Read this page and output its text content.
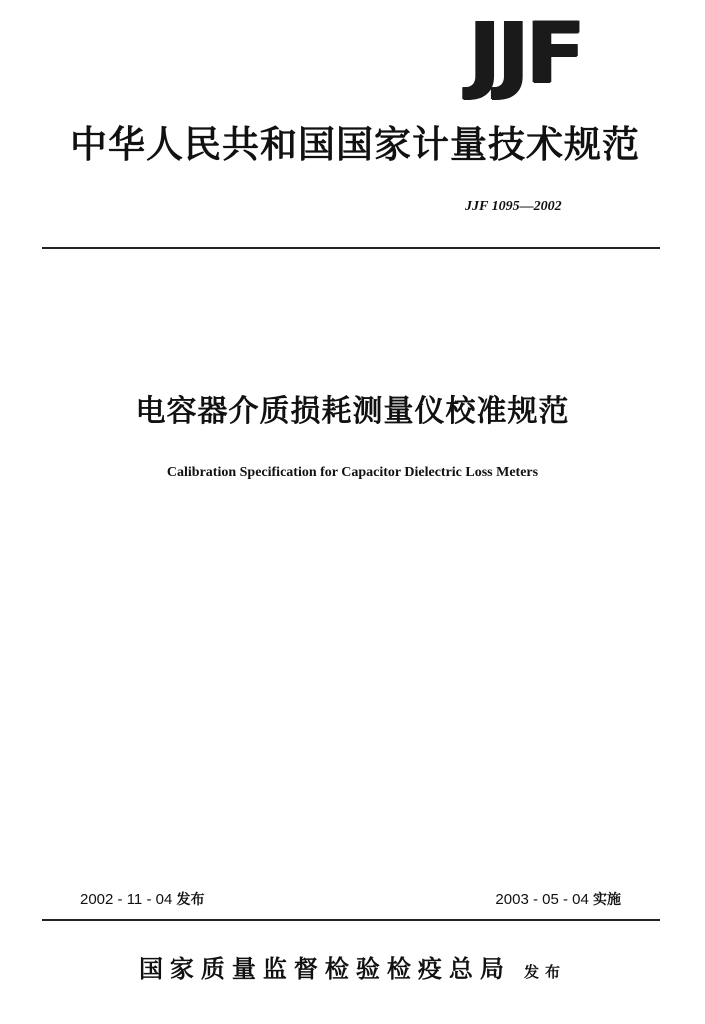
JJF
中华人民共和国国家计量技术规范
JJF 1095—2002
电容器介质损耗测量仪校准规范
Calibration Specification for Capacitor Dielectric Loss Meters
2002 - 11 - 04 发布	2003 - 05 - 04 实施
国家质量监督检验检疫总局 发布
